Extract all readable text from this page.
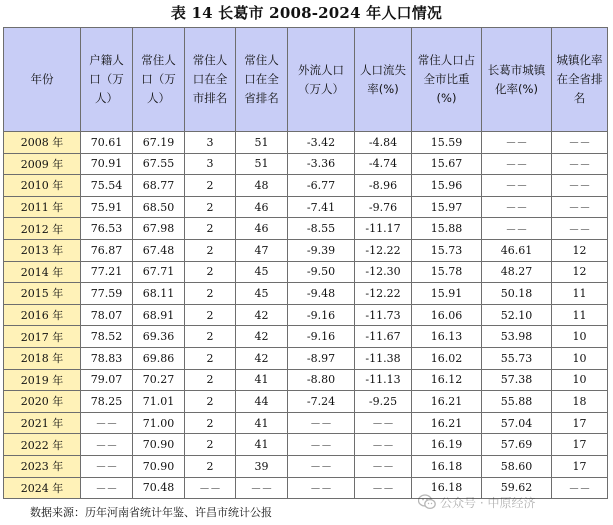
表 14 长葛市 2008-2024 年人口情况
年份	户籍人口（万人）	常住人口（万人）	常住人口在全市排名	常住人口在全省排名	外流人口（万人）	人口流失率(%)	常住人口占全市比重(%)	长葛市城镇化率(%)	城镇化率在全省排名
2008 年	70.61	67.19	3	51	-3.42	-4.84	15.59	－－	－－
2009 年	70.91	67.55	3	51	-3.36	-4.74	15.67	－－	－－
2010 年	75.54	68.77	2	48	-6.77	-8.96	15.96	－－	－－
2011 年	75.91	68.50	2	46	-7.41	-9.76	15.97	－－	－－
2012 年	76.53	67.98	2	46	-8.55	-11.17	15.88	－－	－－
2013 年	76.87	67.48	2	47	-9.39	-12.22	15.73	46.61	12
2014 年	77.21	67.71	2	45	-9.50	-12.30	15.78	48.27	12
2015 年	77.59	68.11	2	45	-9.48	-12.22	15.91	50.18	11
2016 年	78.07	68.91	2	42	-9.16	-11.73	16.06	52.10	11
2017 年	78.52	69.36	2	42	-9.16	-11.67	16.13	53.98	10
2018 年	78.83	69.86	2	42	-8.97	-11.38	16.02	55.73	10
2019 年	79.07	70.27	2	41	-8.80	-11.13	16.12	57.38	10
2020 年	78.25	71.01	2	44	-7.24	-9.25	16.21	55.88	18
2021 年	－－	71.00	2	41	－－	－－	16.21	57.04	17
2022 年	－－	70.90	2	41	－－	－－	16.19	57.69	17
2023 年	－－	70.90	2	39	－－	－－	16.18	58.60	17
2024 年	－－	70.48	－－	－－	－－	－－	16.18	59.62	－－
数据来源：历年河南省统计年鉴、许昌市统计公报
公众号 · 中原经济
